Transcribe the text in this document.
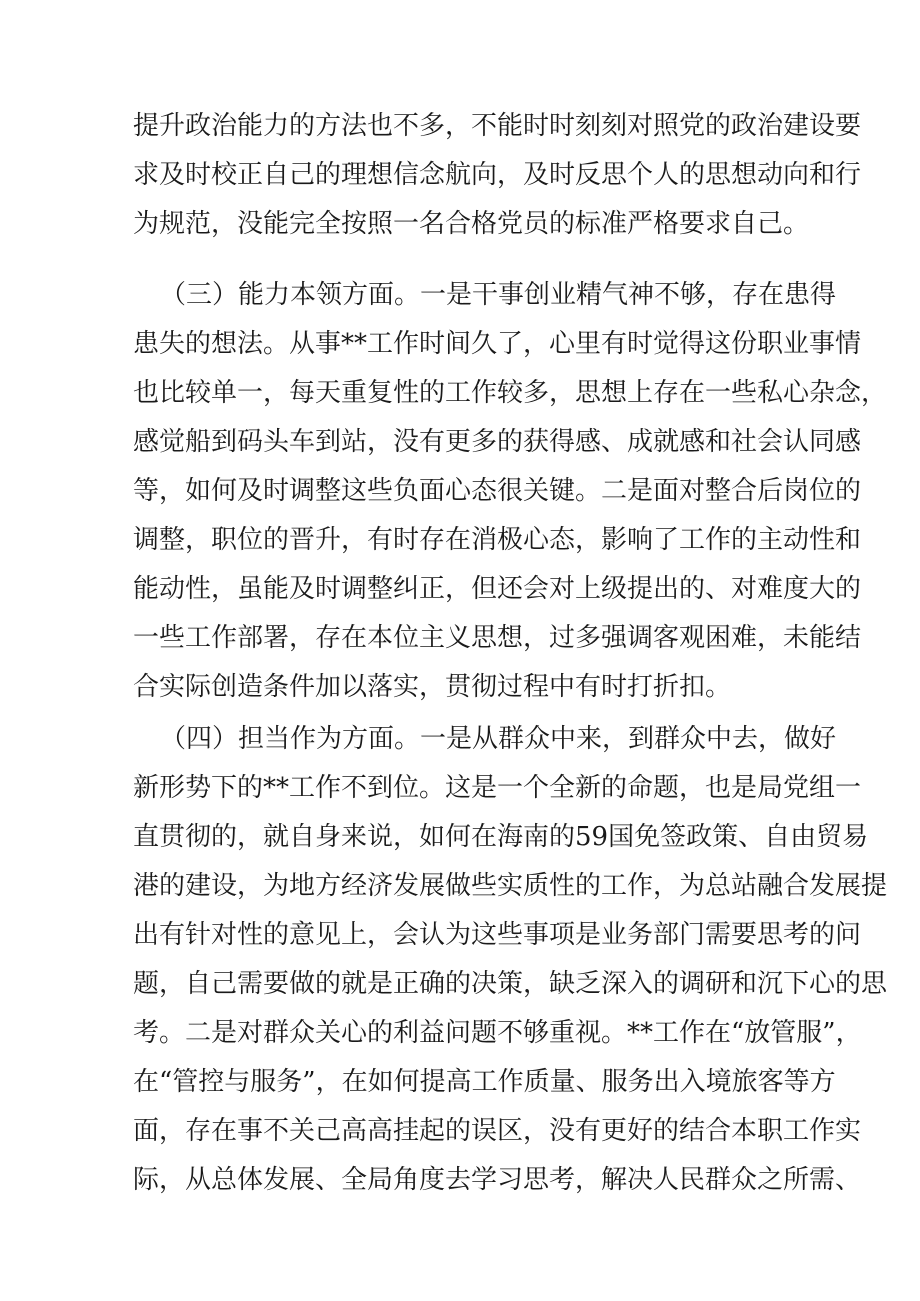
提升政治能力的方法也不多，不能时时刻刻对照党的政治建设要
求及时校正自己的理想信念航向，及时反思个人的思想动向和行
为规范，没能完全按照一名合格党员的标准严格要求自己。
（三）能力本领方面。一是干事创业精气神不够，存在患得
患失的想法。从事**工作时间久了，心里有时觉得这份职业事情
也比较单一，每天重复性的工作较多，思想上存在一些私心杂念，
感觉船到码头车到站，没有更多的获得感、成就感和社会认同感
等，如何及时调整这些负面心态很关键。二是面对整合后岗位的
调整，职位的晋升，有时存在消极心态，影响了工作的主动性和
能动性，虽能及时调整纠正，但还会对上级提出的、对难度大的
一些工作部署，存在本位主义思想，过多强调客观困难，未能结
合实际创造条件加以落实，贯彻过程中有时打折扣。
（四）担当作为方面。一是从群众中来，到群众中去，做好
新形势下的**工作不到位。这是一个全新的命题，也是局党组一
直贯彻的，就自身来说，如何在海南的59国免签政策、自由贸易
港的建设，为地方经济发展做些实质性的工作，为总站融合发展提
出有针对性的意见上，会认为这些事项是业务部门需要思考的问
题，自己需要做的就是正确的决策，缺乏深入的调研和沉下心的思
考。二是对群众关心的利益问题不够重视。**工作在“放管服”，
在“管控与服务”，在如何提高工作质量、服务出入境旅客等方
面，存在事不关己高高挂起的误区，没有更好的结合本职工作实
际，从总体发展、全局角度去学习思考，解决人民群众之所需、
